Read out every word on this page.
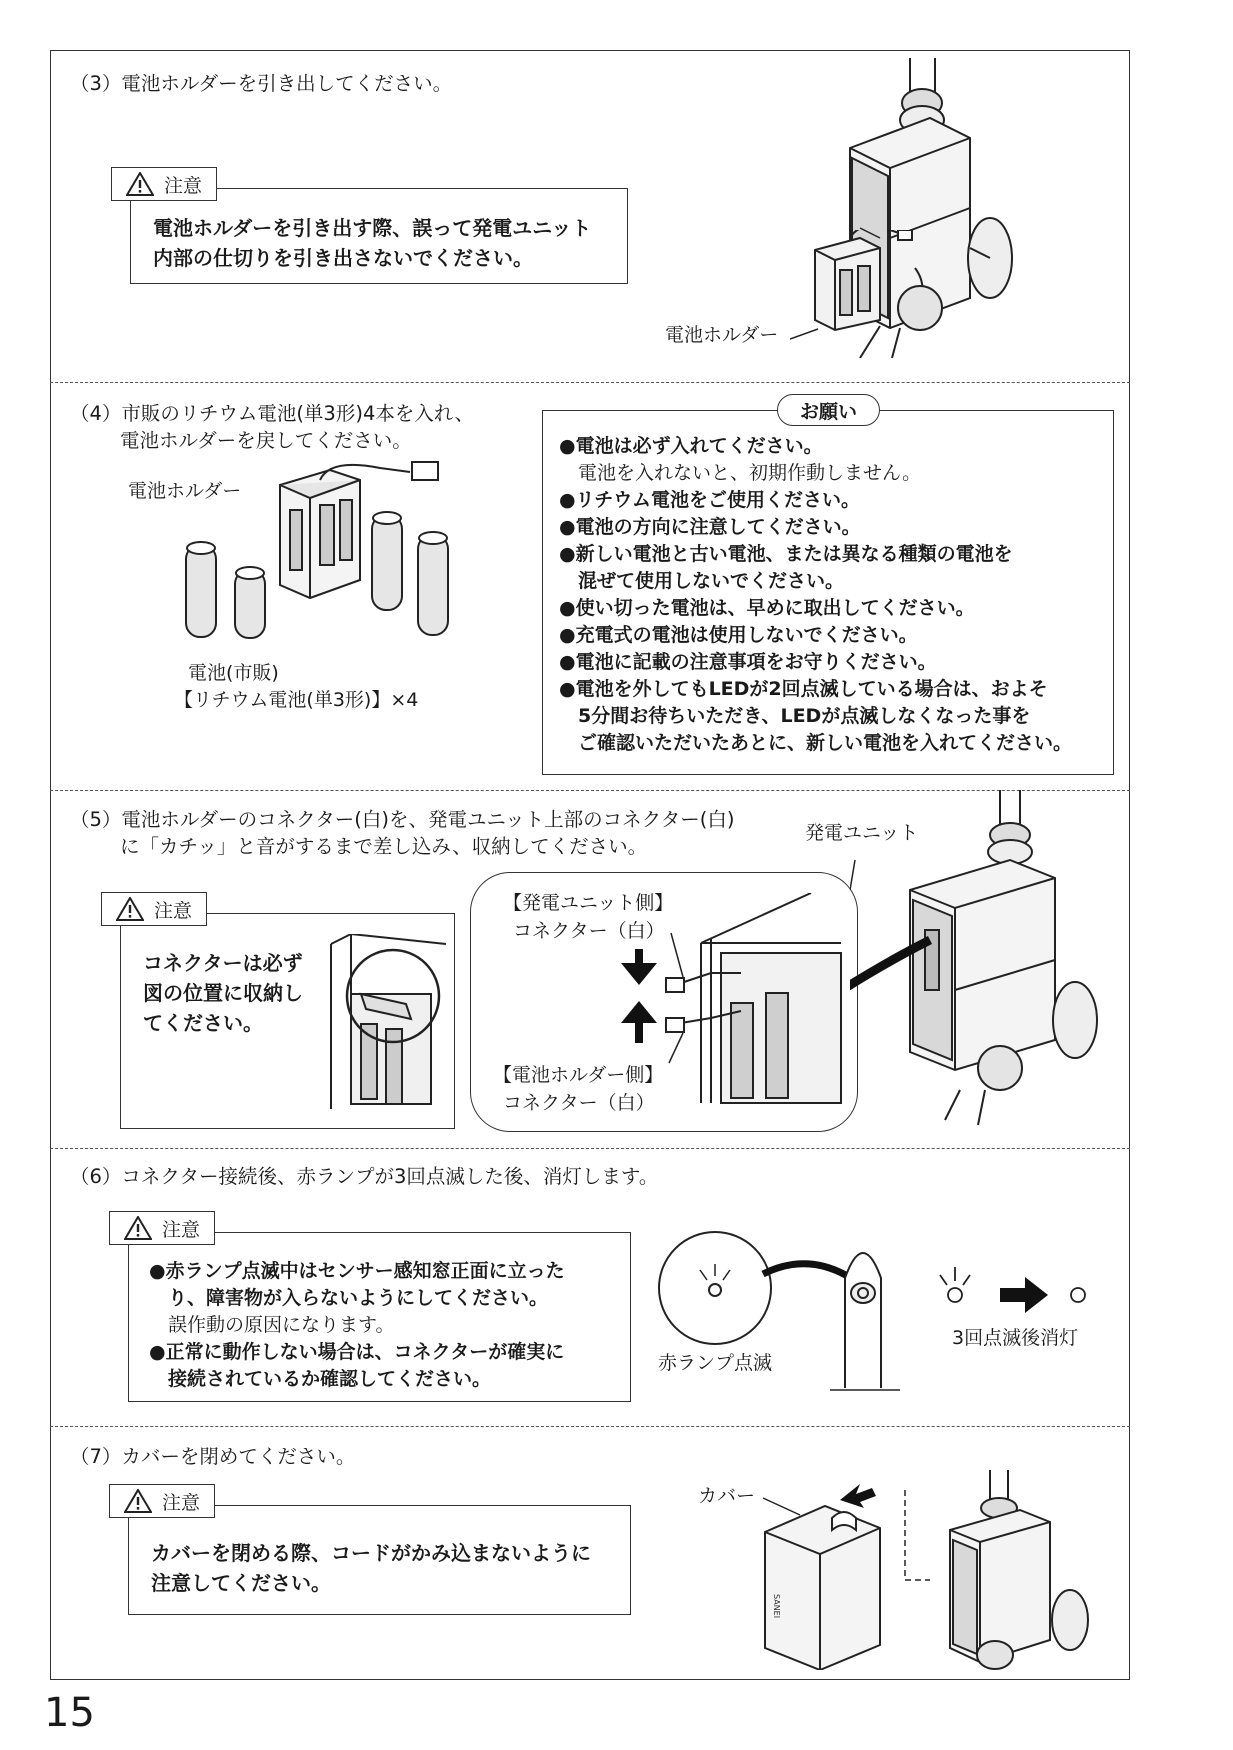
（3）電池ホルダーを引き出してください。
注意
電池ホルダーを引き出す際、誤って発電ユニット
内部の仕切りを引き出さないでください。
電池ホルダー
（4）市販のリチウム電池(単3形)4本を入れ、
電池ホルダーを戻してください。
電池ホルダー
電池(市販)
【リチウム電池(単3形)】×4
●電池は必ず入れてください。
　電池を入れないと、初期作動しません。
●リチウム電池をご使用ください。
●電池の方向に注意してください。
●新しい電池と古い電池、または異なる種類の電池を
　混ぜて使用しないでください。
●使い切った電池は、早めに取出してください。
●充電式の電池は使用しないでください。
●電池に記載の注意事項をお守りください。
●電池を外してもLEDが2回点滅している場合は、およそ
　5分間お待ちいただき、LEDが点滅しなくなった事を
　ご確認いただいたあとに、新しい電池を入れてください。
お願い
（5）電池ホルダーのコネクター(白)を、発電ユニット上部のコネクター(白)
に「カチッ」と音がするまで差し込み、収納してください。
注意
コネクターは必ず
図の位置に収納し
てください。
【発電ユニット側】
コネクター（白）
【電池ホルダー側】
コネクター（白）
発電ユニット
（6）コネクター接続後、赤ランプが3回点滅した後、消灯します。
注意
●赤ランプ点滅中はセンサー感知窓正面に立った
　り、障害物が入らないようにしてください。
　誤作動の原因になります。
●正常に動作しない場合は、コネクターが確実に
　接続されているか確認してください。
赤ランプ点滅
3回点滅後消灯
（7）カバーを閉めてください。
注意
カバーを閉める際、コードがかみ込まないように
注意してください。
カバー
SANEI
15
